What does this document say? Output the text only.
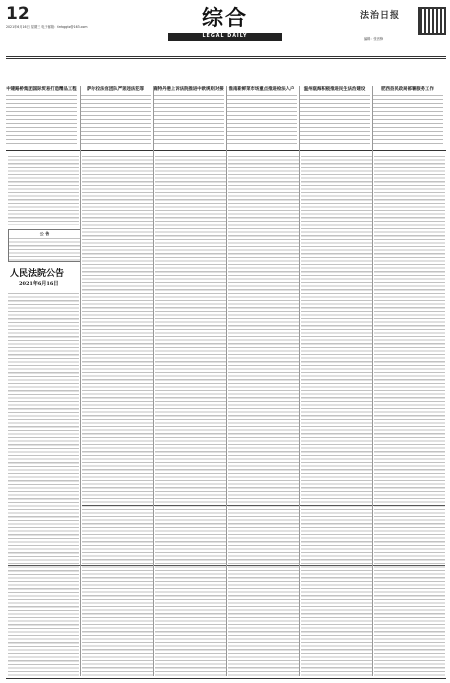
12
2021年6月16日 星期三 电子邮箱：fzrbggtz@163.com	综合
LEGAL DAILY
法治日报
编辑：张晋锋
中建路桥集团国际贸易打造精品工程	萨尔拉法官团队严惩违法犯罪	鹿特丹港上诉法院推进中欧规则对接	淮南新鲜菜市场重点推进检法入户	温州瓯海积极推进民生法治建设	肥西县民政局部署服务工作
公 告
人民法院公告
2021年6月16日
